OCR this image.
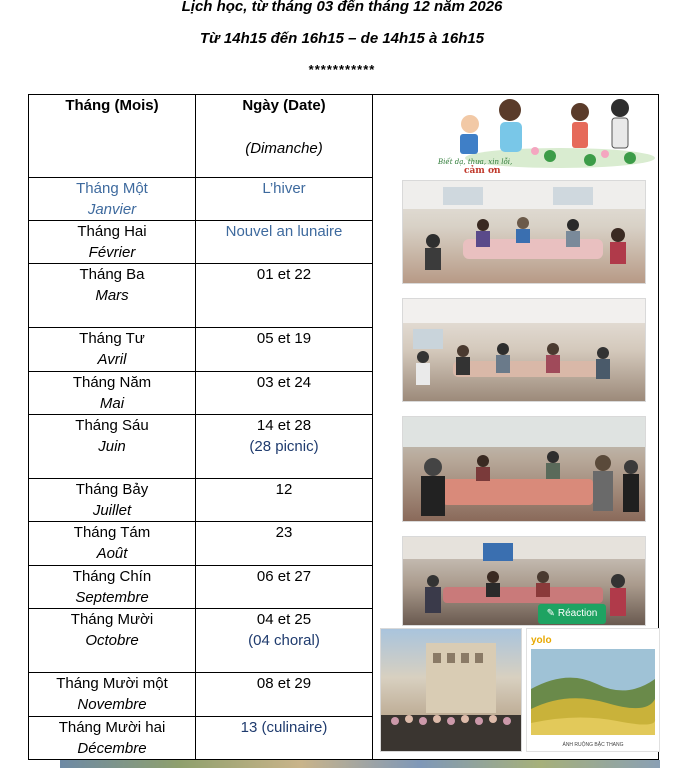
Lịch học, từ tháng 03 đến tháng 12 năm 2026
Từ 14h15 đến 16h15 – de 14h15 à 16h15
***********
Tháng (Mois)	Ngày (Date)
(Dimanche)	

Tháng Một
Janvier	L’hiver	

Tháng Hai
Février	Nouvel an lunaire	

Tháng Ba
Mars	01 et 22	

Tháng Tư
Avril	05 et 19	

Tháng Năm
Mai	03 et 24	

Tháng Sáu
Juin	14 et 28
(28 picnic)	

Tháng Bảy
Juillet	12	

Tháng Tám
Août	23	

Tháng Chín
Septembre	06 et 27	

Tháng Mười
Octobre	04 et 25
(04 choral)	

Tháng Mười một
Novembre	08 et 29	

Tháng Mười hai
Décembre	13 (culinaire)	
Biết dạ, thưa, xin lỗi,
cảm ơn
✎ Réaction
yolo
ÁNH RUỘNG BẬC THANG
